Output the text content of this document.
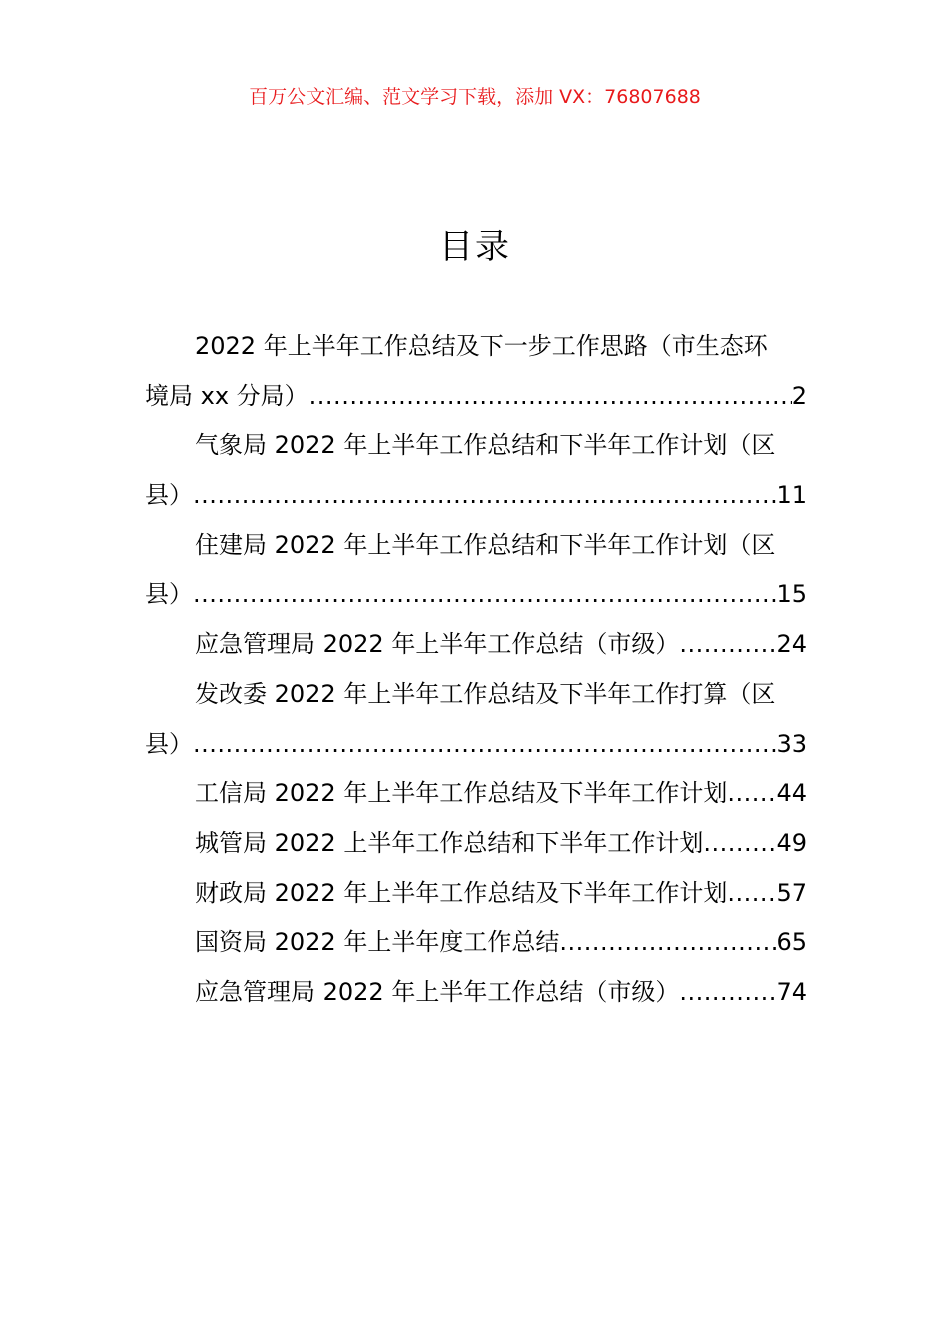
百万公文汇编、范文学习下载，添加 VX：76807688
目录
2022 年上半年工作总结及下一步工作思路（市生态环
境局 xx 分局） .....	2
气象局 2022 年上半年工作总结和下半年工作计划（区
县） .....	11
住建局 2022 年上半年工作总结和下半年工作计划（区
县） .....	15
应急管理局 2022 年上半年工作总结（市级） .....	24
发改委 2022 年上半年工作总结及下半年工作打算（区
县） .....	33
工信局 2022 年上半年工作总结及下半年工作计划 ..... 44
城管局 2022 上半年工作总结和下半年工作计划 .....	49
财政局 2022 年上半年工作总结及下半年工作计划 ..... 57
国资局 2022 年上半年度工作总结 .....	65
应急管理局 2022 年上半年工作总结（市级） .....	74
